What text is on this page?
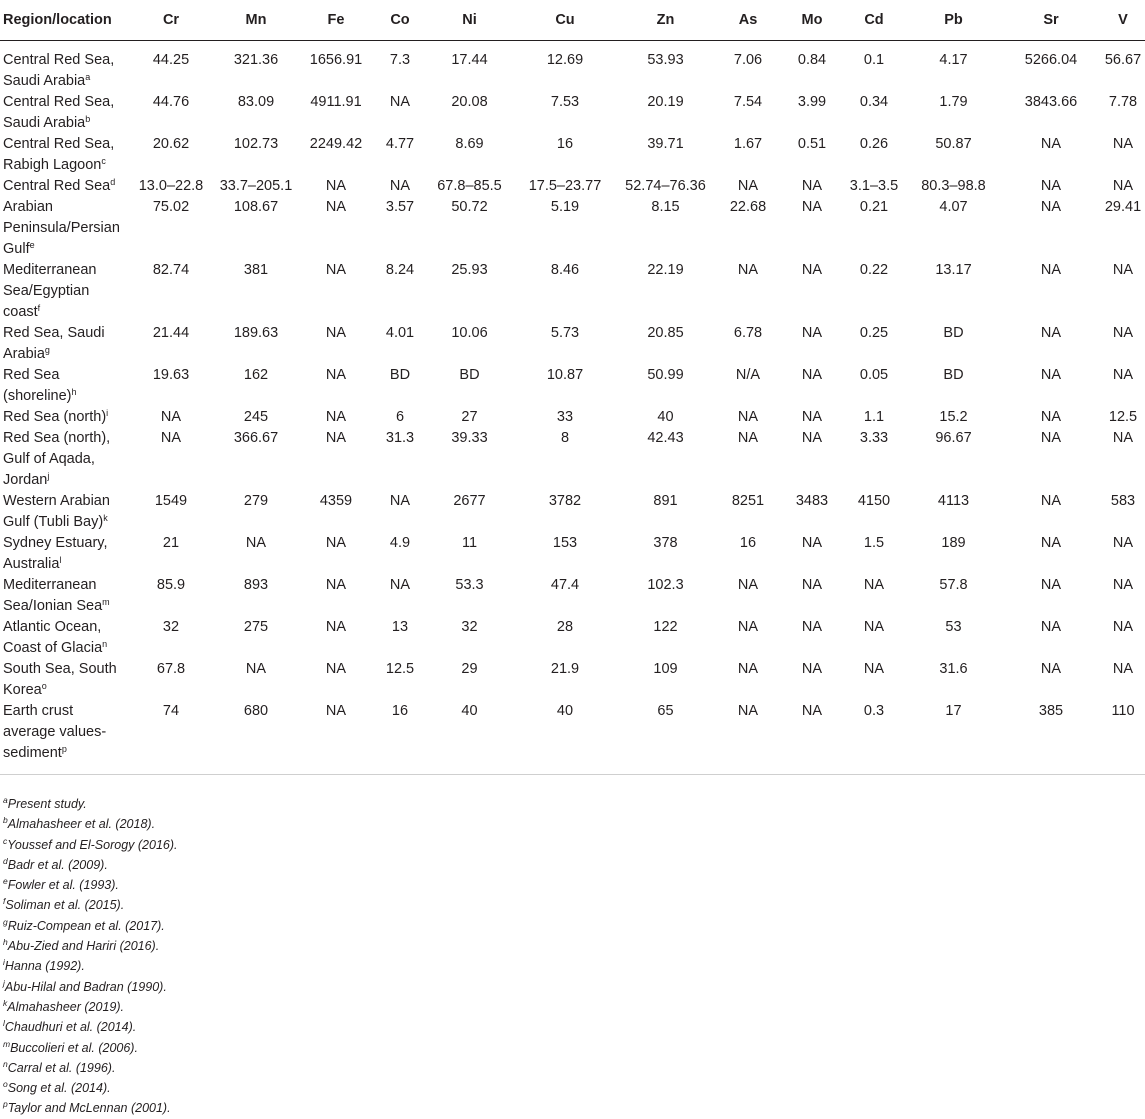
Region/location	Cr	Mn	Fe	Co	Ni	Cu	Zn	As	Mo	Cd	Pb	Sr	V
Central Red Sea, Saudi Arabia$^a$	44.25	321.36	1656.91	7.3	17.44	12.69	53.93	7.06	0.84	0.1	4.17	5266.04	56.67
Central Red Sea, Saudi Arabia$^b$	44.76	83.09	4911.91	NA	20.08	7.53	20.19	7.54	3.99	0.34	1.79	3843.66	7.78
Central Red Sea, Rabigh Lagoon$^c$	20.62	102.73	2249.42	4.77	8.69	16	39.71	1.67	0.51	0.26	50.87	NA	NA
Central Red Sea$^d$	13.0–22.8	33.7–205.1	NA	NA	67.8–85.5	17.5–23.77	52.74–76.36	NA	NA	3.1–3.5	80.3–98.8	NA	NA
Arabian Peninsula/Persian Gulf$^e$	75.02	108.67	NA	3.57	50.72	5.19	8.15	22.68	NA	0.21	4.07	NA	29.41
Mediterranean Sea/Egyptian coast$^f$	82.74	381	NA	8.24	25.93	8.46	22.19	NA	NA	0.22	13.17	NA	NA
Red Sea, Saudi Arabia$^g$	21.44	189.63	NA	4.01	10.06	5.73	20.85	6.78	NA	0.25	BD	NA	NA
Red Sea (shoreline)$^h$	19.63	162	NA	BD	BD	10.87	50.99	N/A	NA	0.05	BD	NA	NA
Red Sea (north)$^i$	NA	245	NA	6	27	33	40	NA	NA	1.1	15.2	NA	12.5
Red Sea (north), Gulf of Aqada, Jordan$^j$	NA	366.67	NA	31.3	39.33	8	42.43	NA	NA	3.33	96.67	NA	NA
Western Arabian Gulf (Tubli Bay)$^k$	1549	279	4359	NA	2677	3782	891	8251	3483	4150	4113	NA	583
Sydney Estuary, Australia$^l$	21	NA	NA	4.9	11	153	378	16	NA	1.5	189	NA	NA
Mediterranean Sea/Ionian Sea$^m$	85.9	893	NA	NA	53.3	47.4	102.3	NA	NA	NA	57.8	NA	NA
Atlantic Ocean, Coast of Glacia$^n$	32	275	NA	13	32	28	122	NA	NA	NA	53	NA	NA
South Sea, South Korea$^o$	67.8	NA	NA	12.5	29	21.9	109	NA	NA	NA	31.6	NA	NA
Earth crust average values-sediment$^p$	74	680	NA	16	40	40	65	NA	NA	0.3	17	385	110
$^a$Present study.
$^b$Almahasheer et al. (2018).
$^c$Youssef and El-Sorogy (2016).
$^d$Badr et al. (2009).
$^e$Fowler et al. (1993).
$^f$Soliman et al. (2015).
$^g$Ruiz-Compean et al. (2017).
$^h$Abu-Zied and Hariri (2016).
$^i$Hanna (1992).
$^j$Abu-Hilal and Badran (1990).
$^k$Almahasheer (2019).
$^l$Chaudhuri et al. (2014).
$^m$Buccolieri et al. (2006).
$^n$Carral et al. (1996).
$^o$Song et al. (2014).
$^p$Taylor and McLennan (2001).
